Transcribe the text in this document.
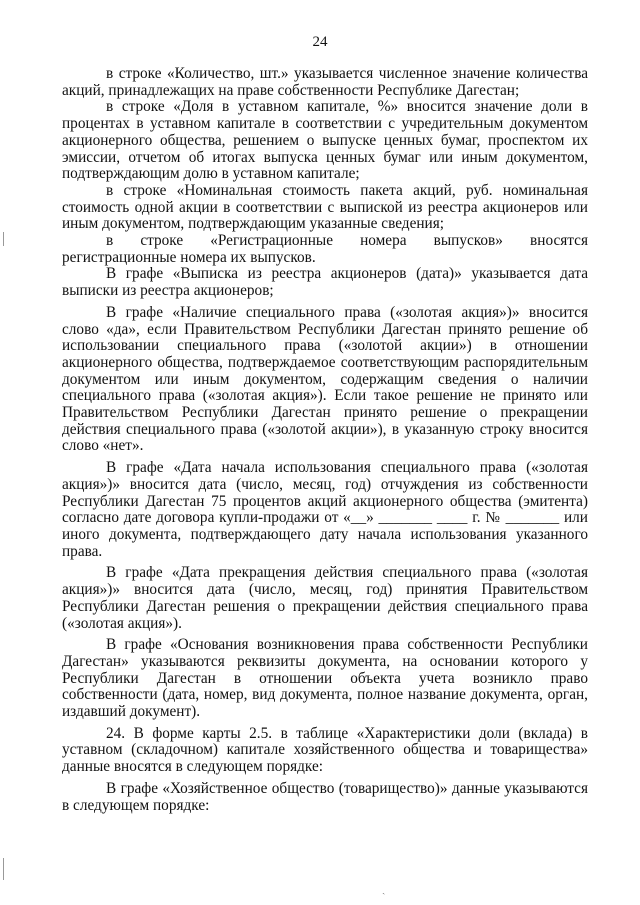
24

в строке «Количество, шт.» указывается численное значение количества акций, принадлежащих на праве собственности Республике Дагестан;

в строке «Доля в уставном капитале, %» вносится значение доли в процентах в уставном капитале в соответствии с учредительным документом акционерного общества, решением о выпуске ценных бумаг, проспектом их эмиссии, отчетом об итогах выпуска ценных бумаг или иным документом, подтверждающим долю в уставном капитале;

в строке «Номинальная стоимость пакета акций, руб. номинальная стоимость одной акции в соответствии с выпиской из реестра акционеров или иным документом, подтверждающим указанные сведения;

в строке «Регистрационные номера выпусков» вносятся регистрационные номера их выпусков.

В графе «Выписка из реестра акционеров (дата)» указывается дата выписки из реестра акционеров;

В графе «Наличие специального права («золотая акция»)» вносится слово «да», если Правительством Республики Дагестан принято решение об использовании специального права («золотой акции») в отношении акционерного общества, подтверждаемое соответствующим распорядительным документом или иным документом, содержащим сведения о наличии специального права («золотая акция»). Если такое решение не принято или Правительством Республики Дагестан принято решение о прекращении действия специального права («золотой акции»), в указанную строку вносится слово «нет».

В графе «Дата начала использования специального права («золотая акция»)» вносится дата (число, месяц, год) отчуждения из собственности Республики Дагестан 75 процентов акций акционерного общества (эмитента) согласно дате договора купли-продажи от «__» _______ ____ г. № _______ или иного документа, подтверждающего дату начала использования указанного права.

В графе «Дата прекращения действия специального права («золотая акция»)» вносится дата (число, месяц, год) принятия Правительством Республики Дагестан решения о прекращении действия специального права («золотая акция»).

В графе «Основания возникновения права собственности Республики Дагестан» указываются реквизиты документа, на основании которого у Республики Дагестан в отношении объекта учета возникло право собственности (дата, номер, вид документа, полное название документа, орган, издавший документ).

24. В форме карты 2.5. в таблице «Характеристики доли (вклада) в уставном (складочном) капитале хозяйственного общества и товарищества» данные вносятся в следующем порядке:

В графе «Хозяйственное общество (товарищество)» данные указываются в следующем порядке:

ˎ
